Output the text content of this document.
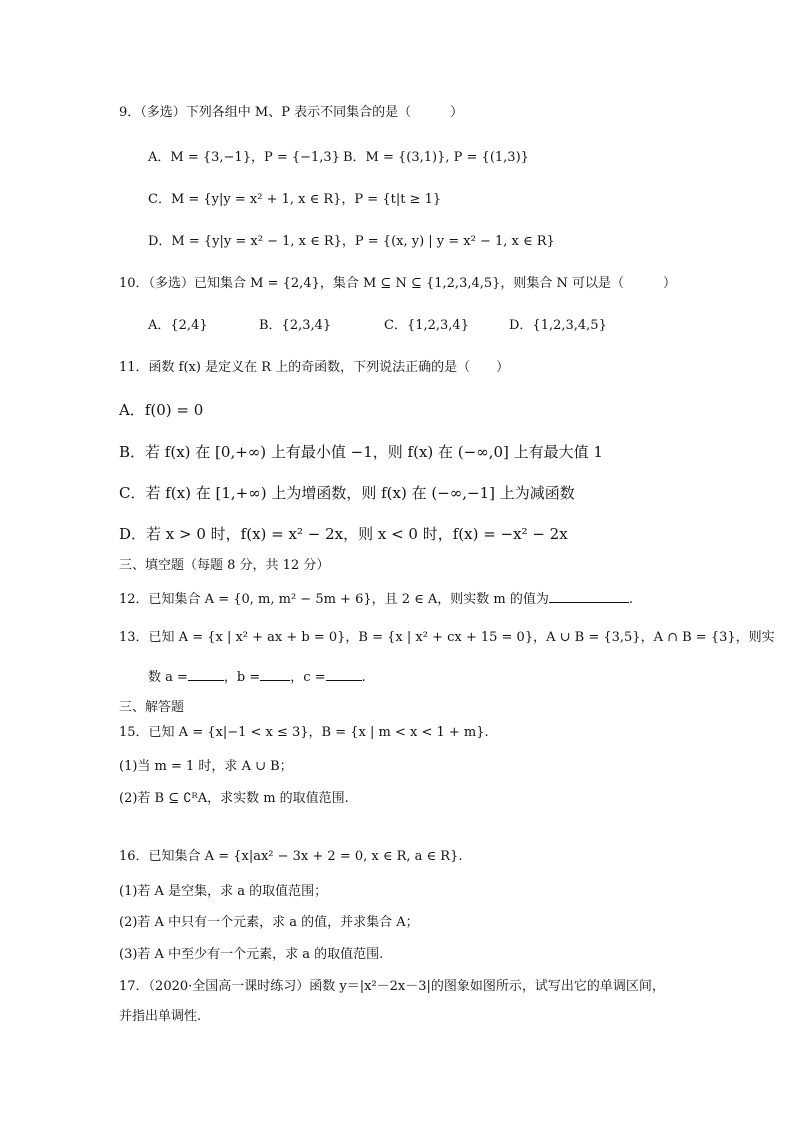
9．（多选）下列各组中 M、P 表示不同集合的是（　　　）
A．M = {3,−1}，P = {−1,3} B．M = {(3,1)}, P = {(1,3)}
C．M = {y|y = x² + 1, x ∈ R}，P = {t|t ≥ 1}
D．M = {y|y = x² − 1, x ∈ R}，P = {(x, y) | y = x² − 1, x ∈ R}
10．（多选）已知集合 M = {2,4}，集合 M ⊆ N ⊆ {1,2,3,4,5}，则集合 N 可以是（　　　）
A．{2,4}	B．{2,3,4}	C．{1,2,3,4}	D．{1,2,3,4,5}
11．函数 f(x) 是定义在 R 上的奇函数，下列说法正确的是（　　）
A．f(0) = 0
B．若 f(x) 在 [0,+∞) 上有最小值 −1，则 f(x) 在 (−∞,0] 上有最大值 1
C．若 f(x) 在 [1,+∞) 上为增函数，则 f(x) 在 (−∞,−1] 上为减函数
D．若 x > 0 时，f(x) = x² − 2x，则 x < 0 时，f(x) = −x² − 2x
三、填空题（每题 8 分，共 12 分）
12．已知集合 A = {0, m, m² − 5m + 6}，且 2 ∈ A，则实数 m 的值为	.
13．已知 A = {x | x² + ax + b = 0}，B = {x | x² + cx + 15 = 0}，A ∪ B = {3,5}，A ∩ B = {3}，则实
数 a =	，b = ，c =	.
三、解答题
15．已知 A = {x|−1 < x ≤ 3}，B = {x | m < x < 1 + m}.
(1)当 m = 1 时，求 A ∪ B；
(2)若 B ⊆ ∁ᴿA，求实数 m 的取值范围.
16．已知集合 A = {x|ax² − 3x + 2 = 0, x ∈ R, a ∈ R}.
(1)若 A 是空集，求 a 的取值范围；
(2)若 A 中只有一个元素，求 a 的值，并求集合 A；
(3)若 A 中至少有一个元素，求 a 的取值范围.
17．（2020·全国高一课时练习）函数 y＝|x²－2x－3|的图象如图所示，试写出它的单调区间，
并指出单调性.
